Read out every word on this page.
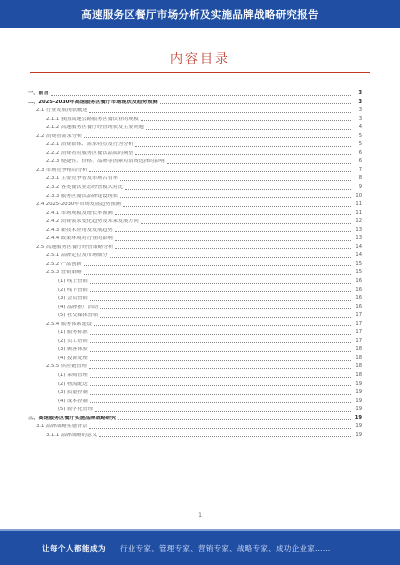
高速服务区餐厅市场分析及实施品牌战略研究报告
内容目录
一、前言	3
二、2025-2030年高速服务区餐厅市场现状及趋势预测	3
2.1 行业发展现状概述	3
2.1.1 我国高速公路服务区餐饮业的规模	3
2.1.2 高速服务区餐厅经营现状及主要问题	4
2.2 消费者需求分析	5
2.2.1 消费群体、需求特点及行为分析	5
2.2.2 消费者对服务区餐饮品质的期望	6
2.2.3 便捷性、价格、品牌等因素对消费选择的影响	6
2.3 市场竞争格局分析	7
2.3.1 主要竞争者及市场占有率	8
2.3.2 各类餐饮业态经营模式对比	9
2.3.3 服务区餐饮品牌建设现状	10
2.4 2025-2030年市场发展趋势预测	11
2.4.1 市场规模及增长率预测	11
2.4.2 消费需求变化趋势及未来发展方向	12
2.4.3 新技术应用及发展趋势	13
2.4.4 政策环境对行业的影响	13
2.5 高速服务区餐厅经营策略分析	14
2.5.1 品牌定位及市场细分	14
2.5.2 产品创新	15
2.5.3 营销策略	15
(1) 线上营销	16
(2) 线下营销	16
(3) 会员营销	16
(4) 品牌推广活动	16
(5) 社交媒体营销	17
2.5.4 服务体系建设	17
(1) 服务标准	17
(2) 员工培训	17
(3) 顾客体验	18
(4) 投诉处理	18
2.5.5 供应链管理	18
(1) 采购管理	18
(2) 物流配送	19
(3) 质量控制	19
(4) 成本控制	19
(5) 数字化管理	19
三、高速服务区餐厅实施品牌战略研究	19
3.1 品牌战略实施背景	19
3.1.1 品牌战略的意义	19
1
让每个人都能成为 行业专家、管理专家、营销专家、战略专家、成功企业家……
